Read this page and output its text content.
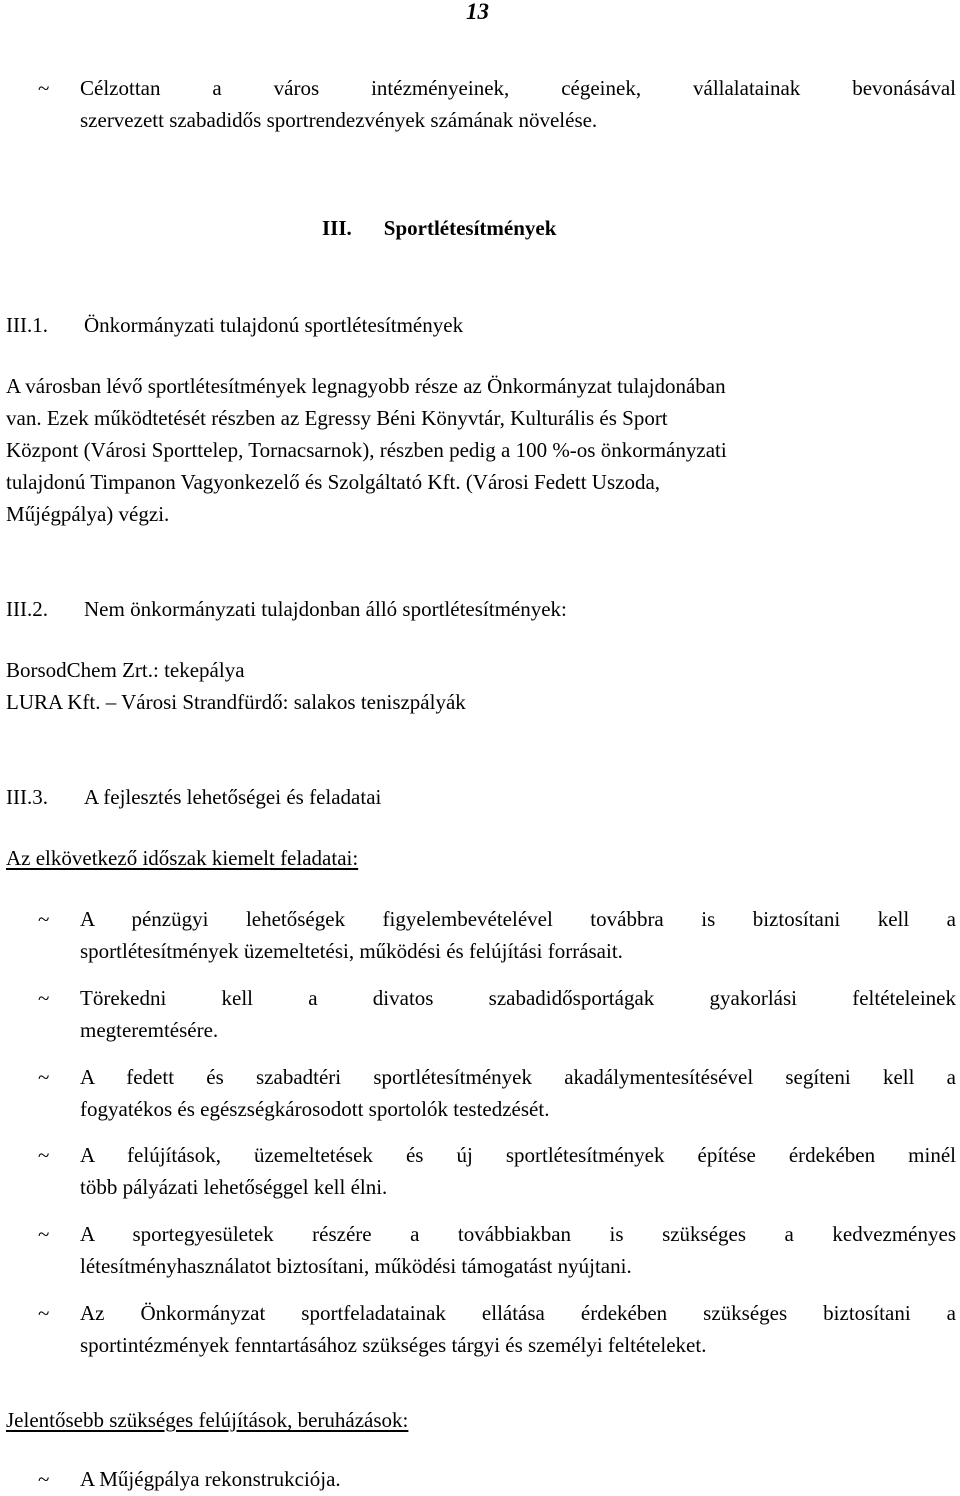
13
~ Célzottan a város intézményeinek, cégeinek, vállalatainak bevonásával
szervezett szabadidős sportrendezvények számának növelése.
III. Sportlétesítmények
III.1. Önkormányzati tulajdonú sportlétesítmények
A városban lévő sportlétesítmények legnagyobb része az Önkormányzat tulajdonában
van. Ezek működtetését részben az Egressy Béni Könyvtár, Kulturális és Sport
Központ (Városi Sporttelep, Tornacsarnok), részben pedig a 100 %-os önkormányzati
tulajdonú Timpanon Vagyonkezelő és Szolgáltató Kft. (Városi Fedett Uszoda,
Műjégpálya) végzi.
III.2. Nem önkormányzati tulajdonban álló sportlétesítmények:
BorsodChem Zrt.: tekepálya
LURA Kft. – Városi Strandfürdő: salakos teniszpályák
III.3. A fejlesztés lehetőségei és feladatai
Az elkövetkező időszak kiemelt feladatai:
~ A pénzügyi lehetőségek figyelembevételével továbbra is biztosítani kell a
sportlétesítmények üzemeltetési, működési és felújítási forrásait.
~ Törekedni kell a divatos szabadidősportágak gyakorlási feltételeinek
megteremtésére.
~ A fedett és szabadtéri sportlétesítmények akadálymentesítésével segíteni kell a
fogyatékos és egészségkárosodott sportolók testedzését.
~ A felújítások, üzemeltetések és új sportlétesítmények építése érdekében minél
több pályázati lehetőséggel kell élni.
~ A sportegyesületek részére a továbbiakban is szükséges a kedvezményes
létesítményhasználatot biztosítani, működési támogatást nyújtani.
~ Az Önkormányzat sportfeladatainak ellátása érdekében szükséges biztosítani a
sportintézmények fenntartásához szükséges tárgyi és személyi feltételeket.
Jelentősebb szükséges felújítások, beruházások:
~ A Műjégpálya rekonstrukciója.
